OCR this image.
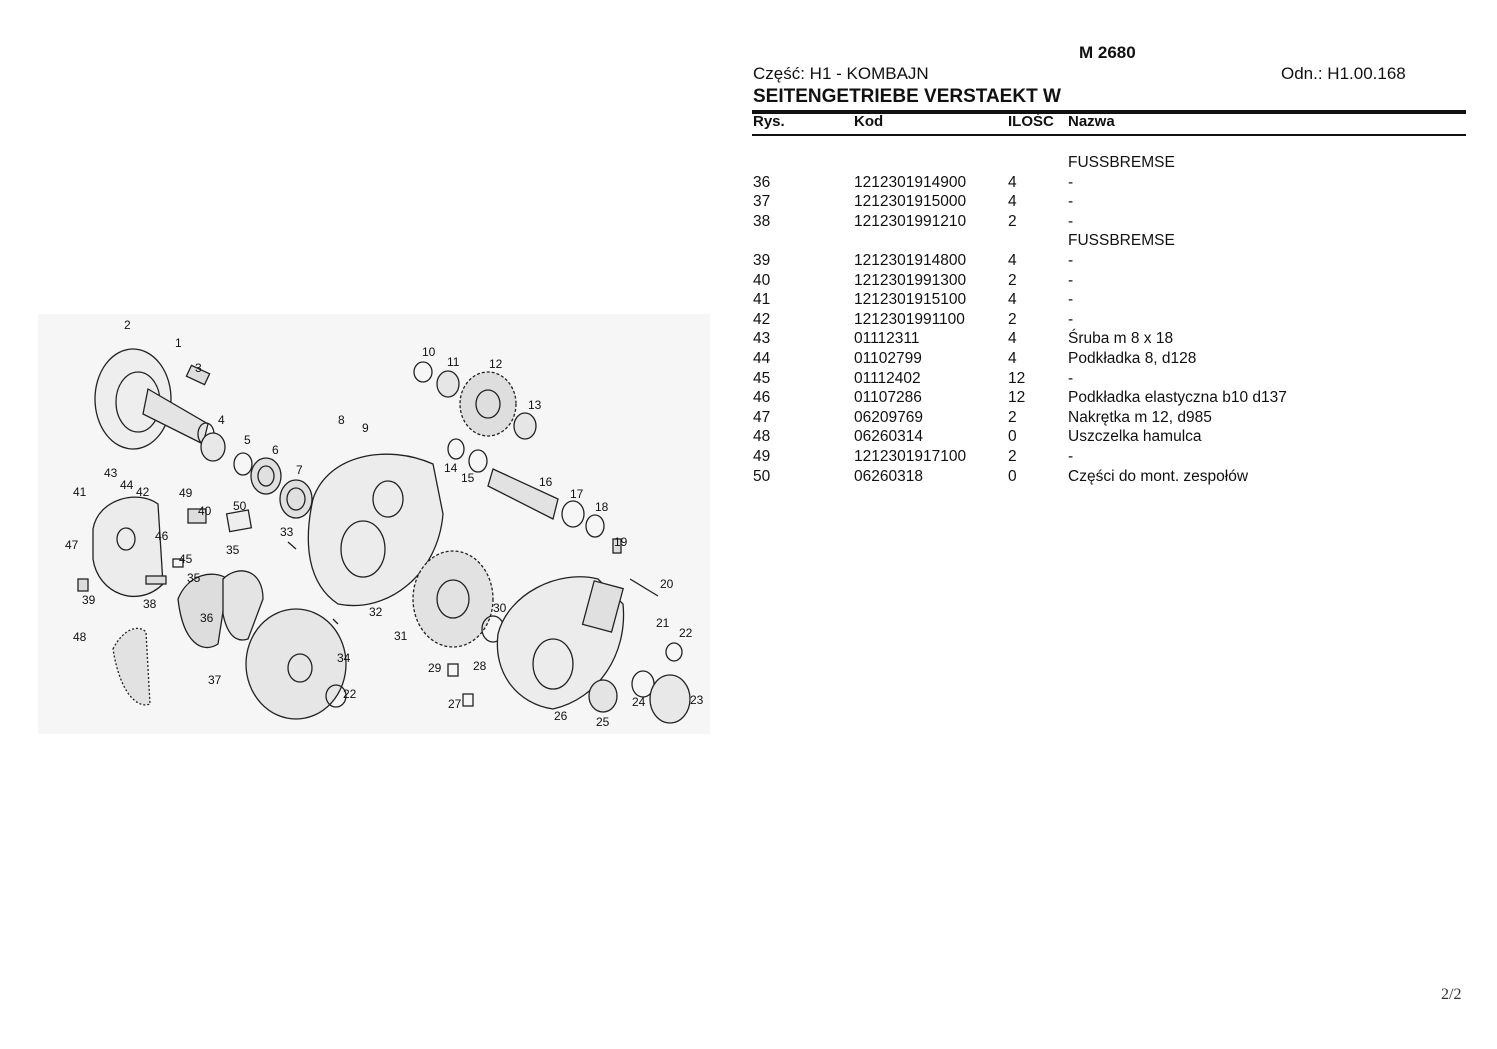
2
1
3
4
5
6
7
8
9
10
11 12
13
14
15	16
17
18
19
20
21
22
22	23
24
25
26
27
28
29
30
31
32
33
34
35
35
36
37
38
39
40
41	42
43
44
45
46
47
48
49
50
M 2680
Część: H1 - KOMBAJN	Odn.: H1.00.168
SEITENGETRIEBE VERSTAEKT W
Rys.	Kod	ILOŚC Nazwa
FUSSBREMSE
36	1212301914900	4	-
37	1212301915000	4	-
38	1212301991210	2	-
FUSSBREMSE
39	1212301914800	4	-
40	1212301991300	2	-
41	1212301915100	4	-
42	1212301991100	2	-
43	01112311	4	Śruba m 8 x 18
44	01102799	4	Podkładka 8, d128
45	01112402	12	-
46	01107286	12	Podkładka elastyczna b10 d137
47	06209769	2	Nakrętka m 12, d985
48	06260314	0	Uszczelka hamulca
49	1212301917100	2	-
50	06260318	0	Części do mont. zespołów
2/2
